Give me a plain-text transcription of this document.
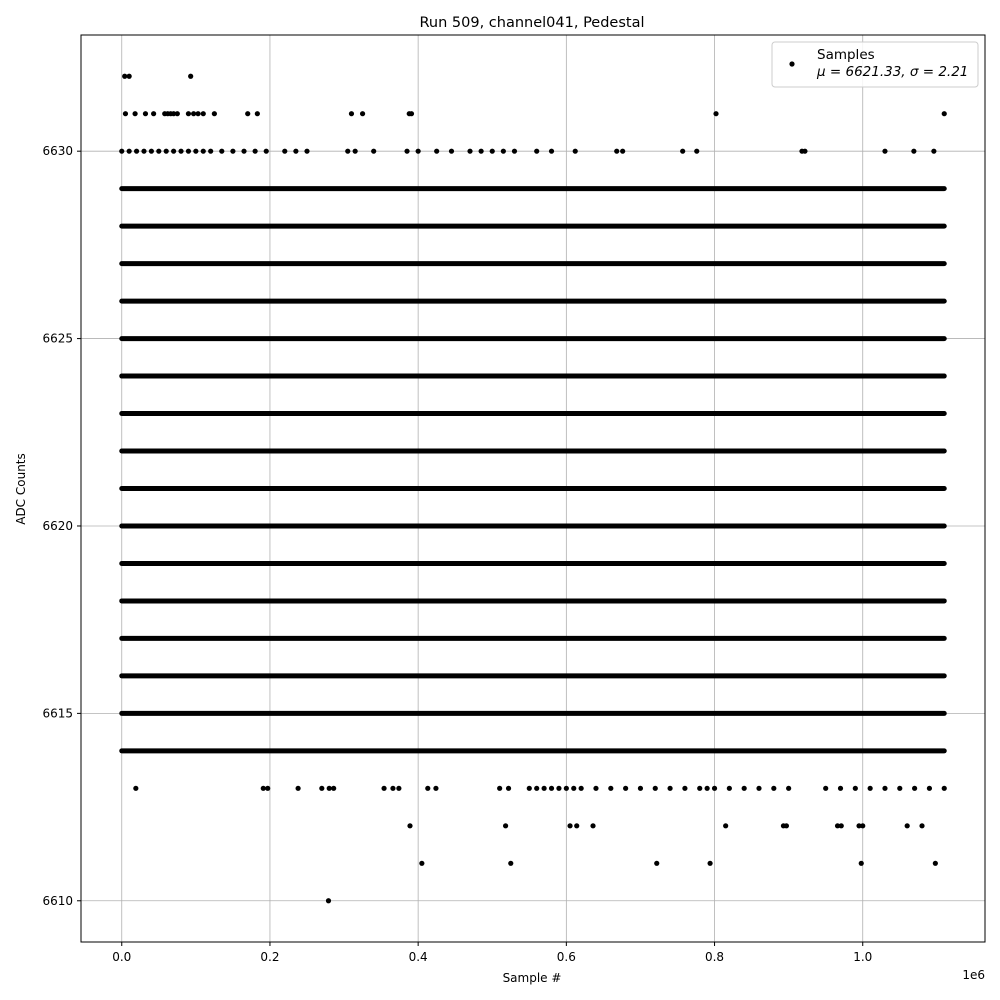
Run 509, channel041, Pedestal
0.0	0.2	0.4	0.6	0.8	1.0
6610
6615
6620
6625
6630
Sample #
ADC Counts
1e6
Samples
μ = 6621.33, σ = 2.21
